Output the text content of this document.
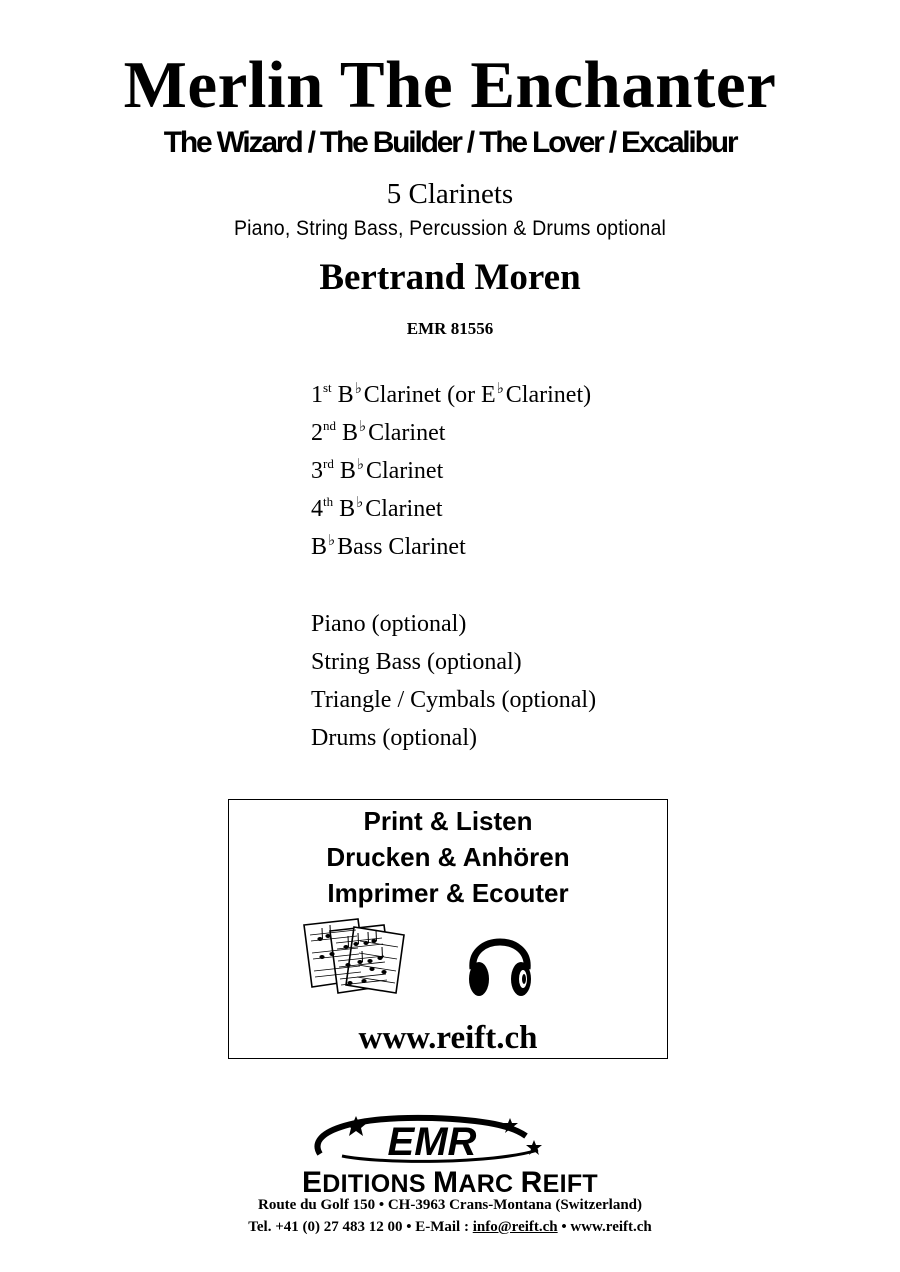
Merlin The Enchanter
The Wizard / The Builder / The Lover / Excalibur
5 Clarinets
Piano, String Bass, Percussion & Drums optional
Bertrand Moren
EMR 81556
1st B♭Clarinet (or E♭Clarinet)
2nd B♭Clarinet
3rd B♭Clarinet
4th B♭Clarinet
B♭Bass Clarinet
Piano (optional)
String Bass (optional)
Triangle / Cymbals (optional)
Drums (optional)
Print & Listen
Drucken & Anhören
Imprimer & Ecouter
www.reift.ch
EMR
EDITIONS MARC REIFT
Route du Golf 150 • CH-3963 Crans-Montana (Switzerland)
Tel. +41 (0) 27 483 12 00 • E-Mail : info@reift.ch • www.reift.ch
